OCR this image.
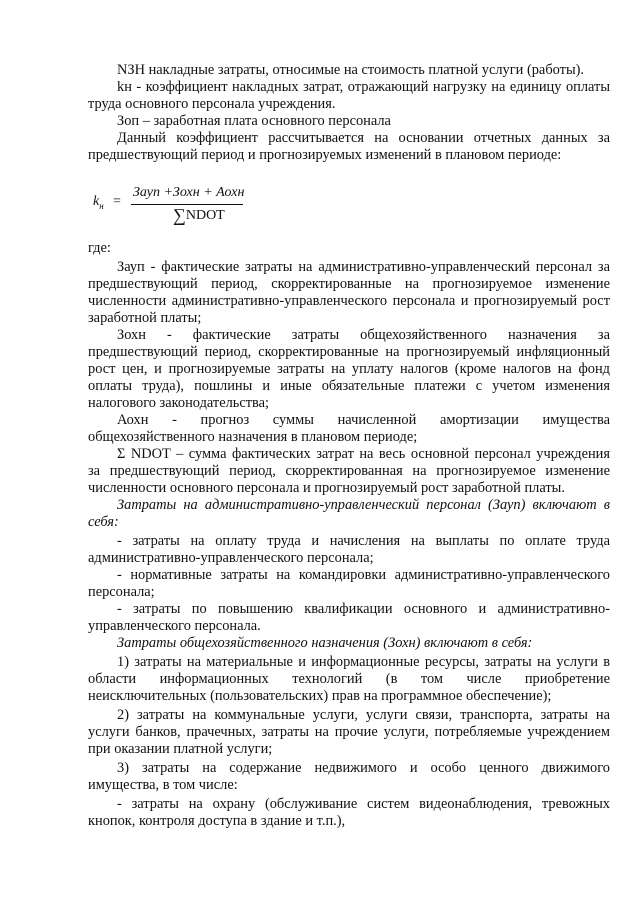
NЗН накладные затраты, относимые на стоимость платной услуги (работы).
kн - коэффициент накладных затрат, отражающий нагрузку на единицу оплаты
труда основного персонала учреждения.
Зоп – заработная плата основного персонала
Данный коэффициент рассчитывается на основании отчетных данных за
предшествующий период и прогнозируемых изменений в плановом периоде:
$k_н$ =
Зауп +Зохн + Аохн
∑NDOT
где:
Зауп - фактические затраты на административно-управленческий персонал за
предшествующий период, скорректированные на прогнозируемое изменение
численности административно-управленческого персонала и прогнозируемый рост
заработной платы;
Зохн - фактические затраты общехозяйственного назначения за
предшествующий период, скорректированные на прогнозируемый инфляционный
рост цен, и прогнозируемые затраты на уплату налогов (кроме налогов на фонд
оплаты труда), пошлины и иные обязательные платежи с учетом изменения
налогового законодательства;
Аохн - прогноз суммы начисленной амортизации имущества
общехозяйственного назначения в плановом периоде;
Σ NDOT – сумма фактических затрат на весь основной персонал учреждения
за предшествующий период, скорректированная на прогнозируемое изменение
численности основного персонала и прогнозируемый рост заработной платы.
Затраты на административно-управленческий персонал (Зауп) включают в
себя:
- затраты на оплату труда и начисления на выплаты по оплате труда
административно-управленческого персонала;
- нормативные затраты на командировки административно-управленческого
персонала;
- затраты по повышению квалификации основного и административно-
управленческого персонала.
Затраты общехозяйственного назначения (Зохн) включают в себя:
1) затраты на материальные и информационные ресурсы, затраты на услуги в
области информационных технологий (в том числе приобретение
неисключительных (пользовательских) прав на программное обеспечение);
2) затраты на коммунальные услуги, услуги связи, транспорта, затраты на
услуги банков, прачечных, затраты на прочие услуги, потребляемые учреждением
при оказании платной услуги;
3) затраты на содержание недвижимого и особо ценного движимого
имущества, в том числе:
- затраты на охрану (обслуживание систем видеонаблюдения, тревожных
кнопок, контроля доступа в здание и т.п.),
